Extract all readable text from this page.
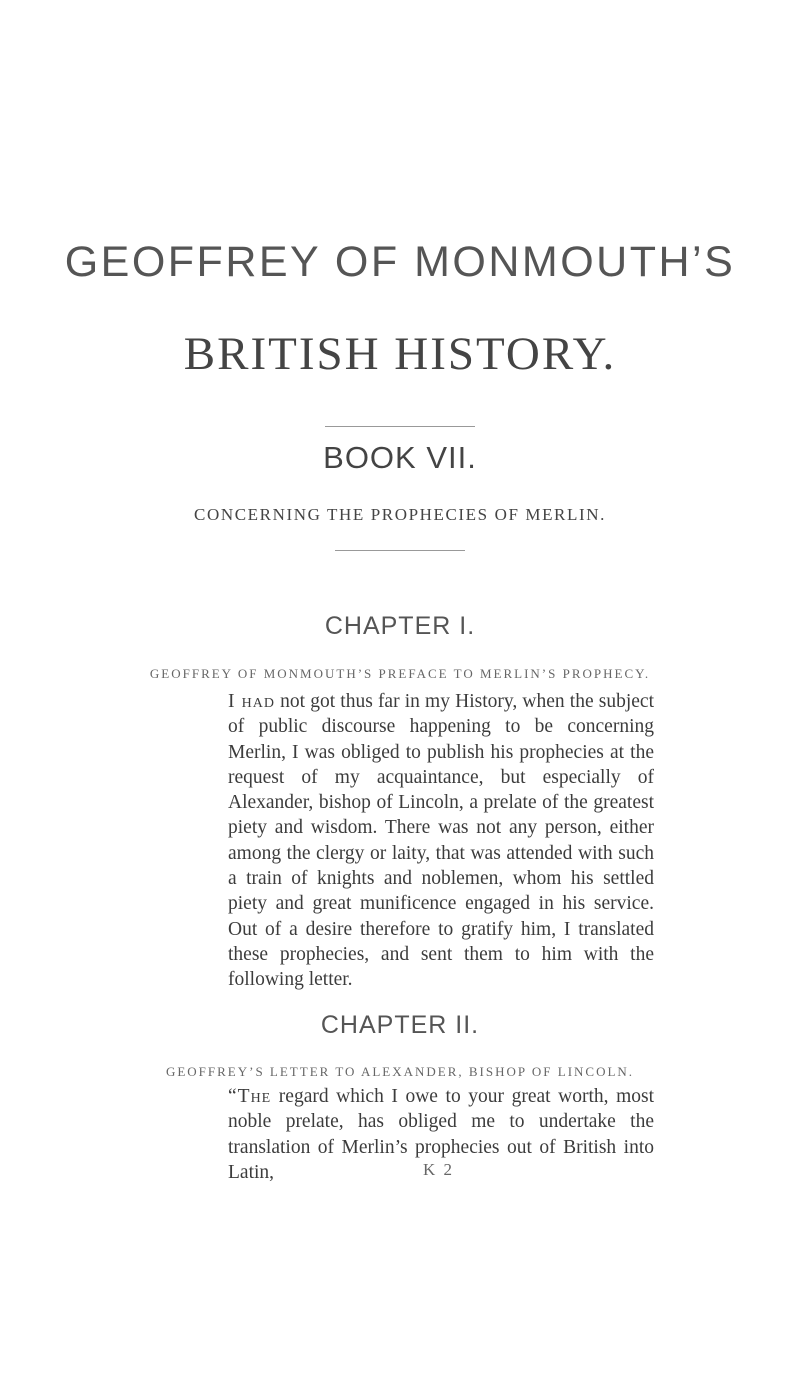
GEOFFREY OF MONMOUTH’S
BRITISH HISTORY.
BOOK VII.
CONCERNING THE PROPHECIES OF MERLIN.
CHAPTER I.
GEOFFREY OF MONMOUTH’S PREFACE TO MERLIN’S PROPHECY.
I had not got thus far in my History, when the subject of public discourse happening to be concerning Merlin, I was obliged to publish his prophecies at the request of my acquaintance, but especially of Alexander, bishop of Lincoln, a prelate of the greatest piety and wisdom. There was not any person, either among the clergy or laity, that was attended with such a train of knights and noblemen, whom his settled piety and great munificence engaged in his service. Out of a desire therefore to gratify him, I translated these prophecies, and sent them to him with the following letter.
CHAPTER II.
GEOFFREY’S LETTER TO ALEXANDER, BISHOP OF LINCOLN.
“The regard which I owe to your great worth, most noble prelate, has obliged me to undertake the translation of Merlin’s prophecies out of British into Latin,	K 2
